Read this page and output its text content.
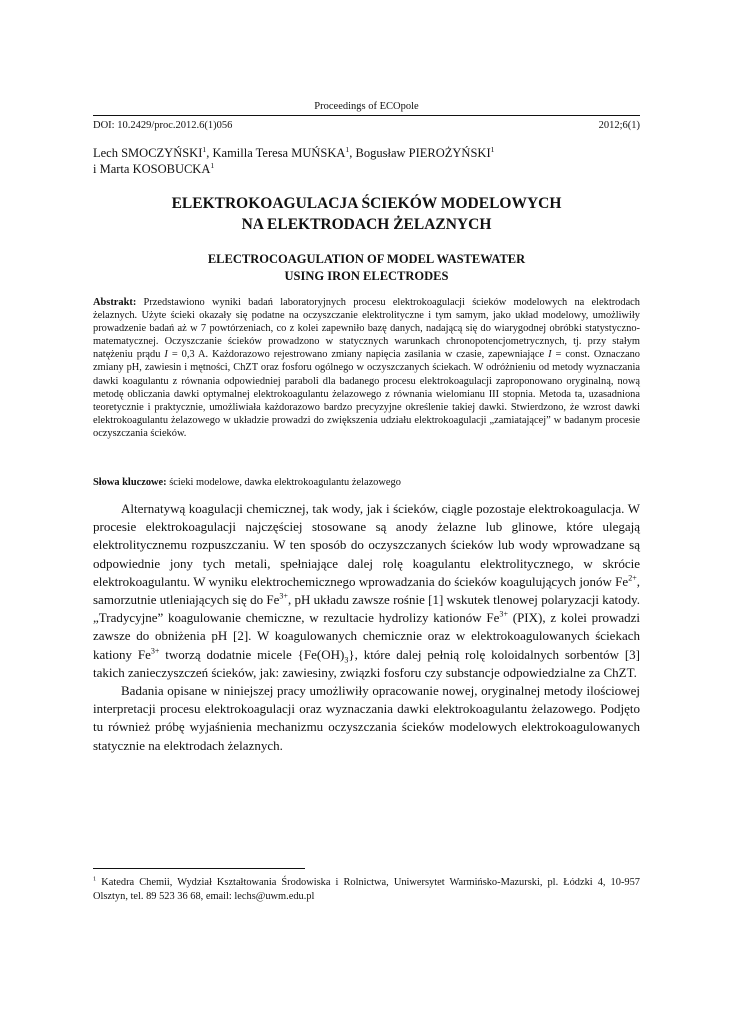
Proceedings of ECOpole
DOI: 10.2429/proc.2012.6(1)056	2012;6(1)
Lech SMOCZYŃSKI$^1$, Kamilla Teresa MUŃSKA$^1$, Bogusław PIEROŻYŃSKI$^1$
i Marta KOSOBUCKA$^1$
ELEKTROKOAGULACJA ŚCIEKÓW MODELOWYCH
NA ELEKTRODACH ŻELAZNYCH
ELECTROCOAGULATION OF MODEL WASTEWATER
USING IRON ELECTRODES
Abstrakt: Przedstawiono wyniki badań laboratoryjnych procesu elektrokoagulacji ścieków modelowych na elektrodach żelaznych. Użyte ścieki okazały się podatne na oczyszczanie elektrolityczne i tym samym, jako układ modelowy, umożliwiły prowadzenie badań aż w 7 powtórzeniach, co z kolei zapewniło bazę danych, nadającą się do wiarygodnej obróbki statystyczno-matematycznej. Oczyszczanie ścieków prowadzono w statycznych warunkach chronopotencjometrycznych, tj. przy stałym natężeniu prądu I = 0,3 A. Każdorazowo rejestrowano zmiany napięcia zasilania w czasie, zapewniające I = const. Oznaczano zmiany pH, zawiesin i mętności, ChZT oraz fosforu ogólnego w oczyszczanych ściekach. W odróżnieniu od metody wyznaczania dawki koagulantu z równania odpowiedniej paraboli dla badanego procesu elektrokoagulacji zaproponowano oryginalną, nową metodę obliczania dawki optymalnej elektrokoagulantu żelazowego z równania wielomianu III stopnia. Metoda ta, uzasadniona teoretycznie i praktycznie, umożliwiała każdorazowo bardzo precyzyjne określenie takiej dawki. Stwierdzono, że wzrost dawki elektrokoagulantu żelazowego w układzie prowadzi do zwiększenia udziału elektrokoagulacji „zamiatającej” w badanym procesie oczyszczania ścieków.
Słowa kluczowe: ścieki modelowe, dawka elektrokoagulantu żelazowego

Alternatywą koagulacji chemicznej, tak wody, jak i ścieków, ciągle pozostaje elektrokoagulacja. W procesie elektrokoagulacji najczęściej stosowane są anody żelazne lub glinowe, które ulegają elektrolitycznemu rozpuszczaniu. W ten sposób do oczyszczanych ścieków lub wody wprowadzane są odpowiednie jony tych metali, spełniające dalej rolę koagulantu elektrolitycznego, w skrócie elektrokoagulantu. W wyniku elektrochemicznego wprowadzania do ścieków koagulujących jonów $Fe^{2+}$, samorzutnie utleniających się do $Fe^{3+}$, pH układu zawsze rośnie [1] wskutek tlenowej polaryzacji katody. „Tradycyjne” koagulowanie chemiczne, w rezultacie hydrolizy kationów $Fe^{3+}$ (PIX), z kolei prowadzi zawsze do obniżenia pH [2]. W koagulowanych chemicznie oraz w elektrokoagulowanych ściekach kationy $Fe^{3+}$ tworzą dodatnie micele $\{Fe(OH)_3\}$, które dalej pełnią rolę koloidalnych sorbentów [3] takich zanieczyszczeń ścieków, jak: zawiesiny, związki fosforu czy substancje odpowiedzialne za ChZT.

Badania opisane w niniejszej pracy umożliwiły opracowanie nowej, oryginalnej metody ilościowej interpretacji procesu elektrokoagulacji oraz wyznaczania dawki elektrokoagulantu żelazowego. Podjęto tu również próbę wyjaśnienia mechanizmu oczyszczania ścieków modelowych elektrokoagulowanych statycznie na elektrodach żelaznych.

$^1$ Katedra Chemii, Wydział Kształtowania Środowiska i Rolnictwa, Uniwersytet Warmińsko-Mazurski, pl. Łódzki 4, 10-957 Olsztyn, tel. 89 523 36 68, email: lechs@uwm.edu.pl
